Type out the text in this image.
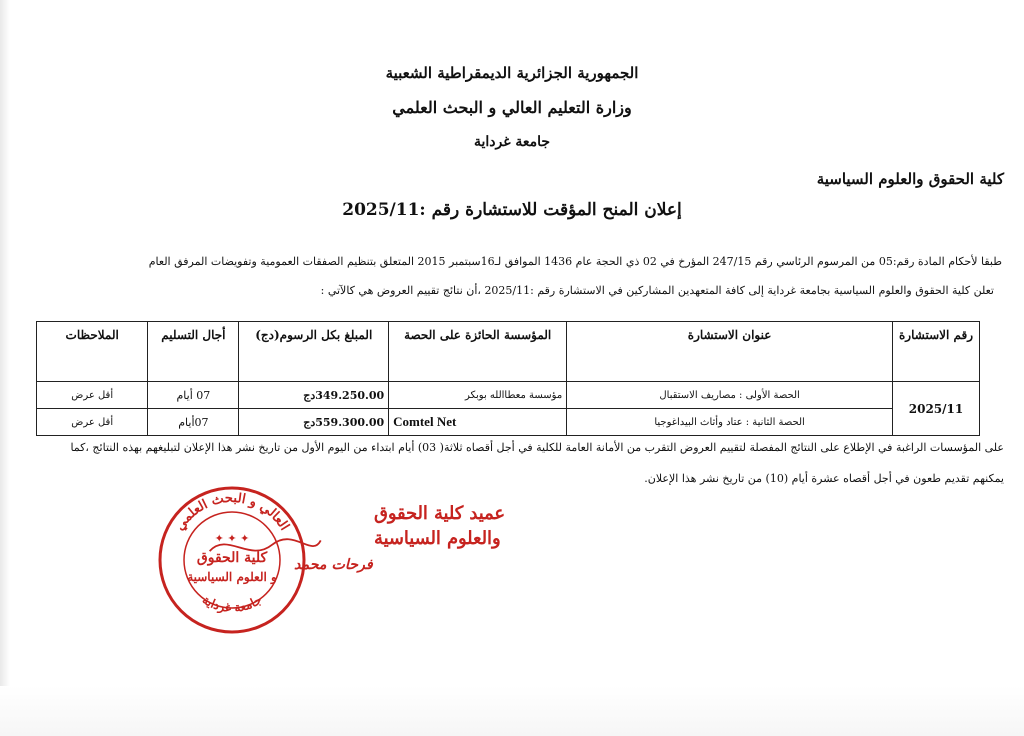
الجمهورية الجزائرية الديمقراطية الشعبية
وزارة التعليم العالي و البحث العلمي
جامعة غرداية
كلية الحقوق والعلوم السياسية
إعلان المنح المؤقت للاستشارة رقم :2025/11
طبقا لأحكام المادة رقم:05 من المرسوم الرئاسي رقم 247/15 المؤرخ في 02 ذي الحجة عام 1436 الموافق لـ16سبتمبر 2015 المتعلق بتنظيم الصفقات العمومية وتفويضات المرفق العام
تعلن كلية الحقوق والعلوم السياسية بجامعة غرداية إلى كافة المتعهدين المشاركين في الاستشارة رقم :2025/11 ،أن نتائج تقييم العروض هي كالآتي :
رقم الاستشارة	عنوان الاستشارة	المؤسسة الحائزة على الحصة	المبلغ بكل الرسوم(دج)	أجال التسليم	الملاحظات
2025/11	الحصة الأولى : مصاريف الاستقبال	مؤسسة معطاالله بوبكر	349.250.00دج	07 أيام	أقل عرض
	الحصة الثانية : عتاد وأثاث البيداغوجيا	Comtel Net	559.300.00دج	07أيام	أقل عرض
على المؤسسات الراغبة في الإطلاع على النتائج المفصلة لتقييم العروض التقرب من الأمانة العامة للكلية في أجل أقصاه ثلاثة( 03) أيام ابتداء من اليوم الأول من تاريخ نشر هذا الإعلان لتبليغهم بهذه النتائج ،كما
يمكنهم تقديم طعون في أجل أقصاه عشرة أيام (10) من تاريخ نشر هذا الإعلان.
عميد كلية الحقوق
والعلوم السياسية
فرحات محمد
العالي و البحث العلمي
جامعة غرداية
✦ ✦ ✦
كلية الحقوق
و العلوم السياسية
